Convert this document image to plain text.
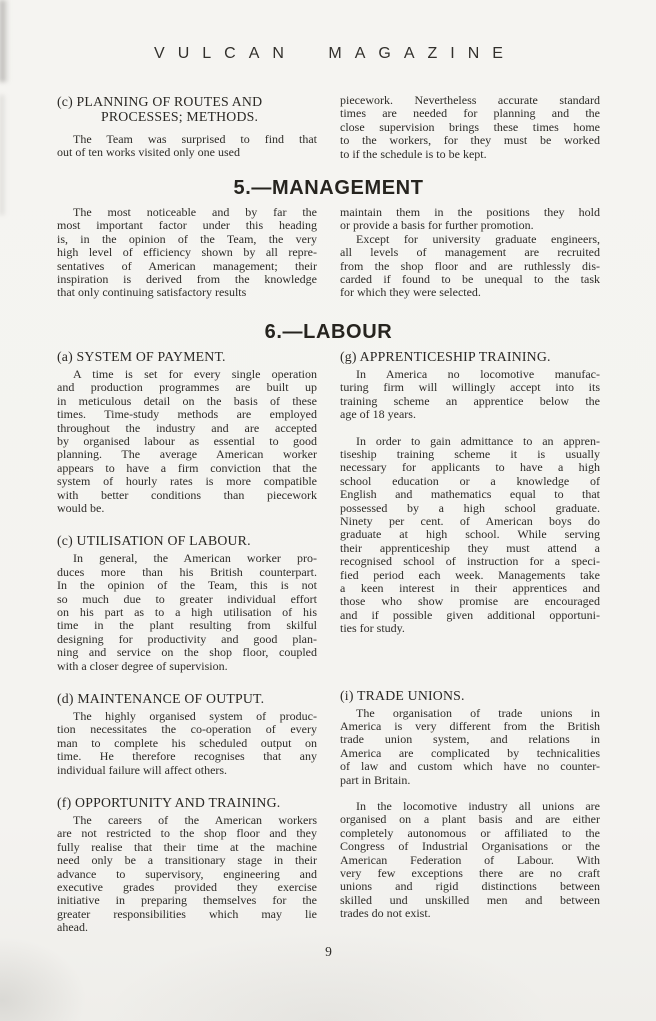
VULCAN MAGAZINE
(c) PLANNING OF ROUTES AND
PROCESSES; METHODS.
The Team was surprised to find that
out of ten works visited only one used
piecework. Nevertheless accurate standard
times are needed for planning and the
close supervision brings these times home
to the workers, for they must be worked
to if the schedule is to be kept.
5.—MANAGEMENT
The most noticeable and by far the
most important factor under this heading
is, in the opinion of the Team, the very
high level of efficiency shown by all repre-
sentatives of American management; their
inspiration is derived from the knowledge
that only continuing satisfactory results
maintain them in the positions they hold
or provide a basis for further promotion.
Except for university graduate engineers,
all levels of management are recruited
from the shop floor and are ruthlessly dis-
carded if found to be unequal to the task
for which they were selected.
6.—LABOUR
(a) SYSTEM OF PAYMENT.
A time is set for every single operation
and production programmes are built up
in meticulous detail on the basis of these
times. Time-study methods are employed
throughout the industry and are accepted
by organised labour as essential to good
planning. The average American worker
appears to have a firm conviction that the
system of hourly rates is more compatible
with better conditions than piecework
would be.
(c) UTILISATION OF LABOUR.
In general, the American worker pro-
duces more than his British counterpart.
In the opinion of the Team, this is not
so much due to greater individual effort
on his part as to a high utilisation of his
time in the plant resulting from skilful
designing for productivity and good plan-
ning and service on the shop floor, coupled
with a closer degree of supervision.
(d) MAINTENANCE OF OUTPUT.
The highly organised system of produc-
tion necessitates the co-operation of every
man to complete his scheduled output on
time. He therefore recognises that any
individual failure will affect others.
(f) OPPORTUNITY AND TRAINING.
The careers of the American workers
are not restricted to the shop floor and they
fully realise that their time at the machine
need only be a transitionary stage in their
advance to supervisory, engineering and
executive grades provided they exercise
initiative in preparing themselves for the
greater responsibilities which may lie
ahead.
(g) APPRENTICESHIP TRAINING.
In America no locomotive manufac-
turing firm will willingly accept into its
training scheme an apprentice below the
age of 18 years.
In order to gain admittance to an appren-
tiseship training scheme it is usually
necessary for applicants to have a high
school education or a knowledge of
English and mathematics equal to that
possessed by a high school graduate.
Ninety per cent. of American boys do
graduate at high school. While serving
their apprenticeship they must attend a
recognised school of instruction for a speci-
fied period each week. Managements take
a keen interest in their apprentices and
those who show promise are encouraged
and if possible given additional opportuni-
ties for study.
(i) TRADE UNIONS.
The organisation of trade unions in
America is very different from the British
trade union system, and relations in
America are complicated by technicalities
of law and custom which have no counter-
part in Britain.
In the locomotive industry all unions are
organised on a plant basis and are either
completely autonomous or affiliated to the
Congress of Industrial Organisations or the
American Federation of Labour. With
very few exceptions there are no craft
unions and rigid distinctions between
skilled und unskilled men and between
trades do not exist.
9
